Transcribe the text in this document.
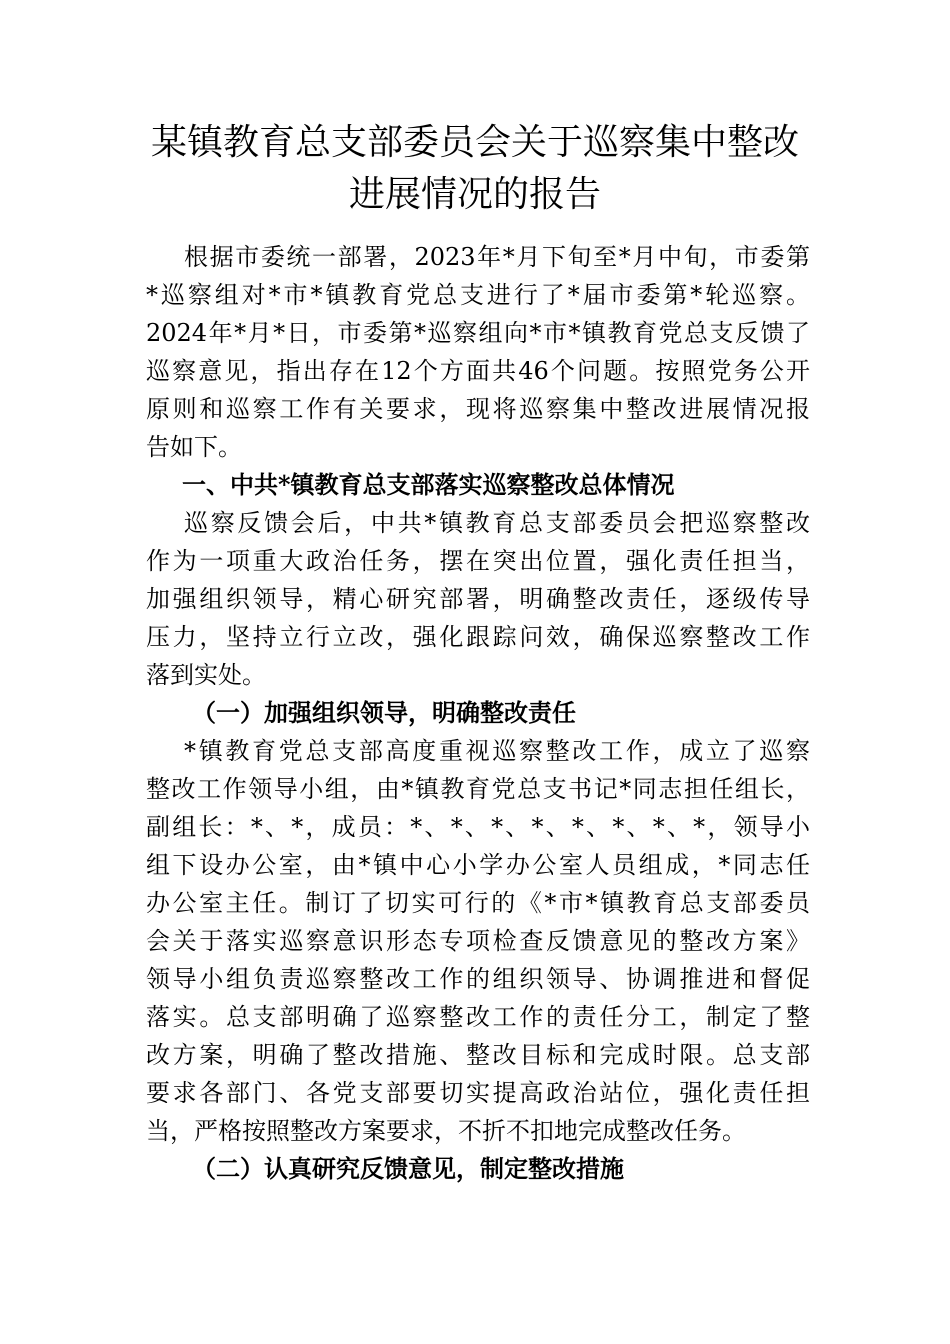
某镇教育总支部委员会关于巡察集中整改
进展情况的报告
根据市委统一部署，2023年*月下旬至*月中旬，市委第
*巡察组对*市*镇教育党总支进行了*届市委第*轮巡察。
2024年*月*日，市委第*巡察组向*市*镇教育党总支反馈了
巡察意见，指出存在12个方面共46个问题。按照党务公开
原则和巡察工作有关要求，现将巡察集中整改进展情况报
告如下。
一、中共*镇教育总支部落实巡察整改总体情况
巡察反馈会后，中共*镇教育总支部委员会把巡察整改
作为一项重大政治任务，摆在突出位置，强化责任担当，
加强组织领导，精心研究部署，明确整改责任，逐级传导
压力，坚持立行立改，强化跟踪问效，确保巡察整改工作
落到实处。
（一）加强组织领导，明确整改责任
*镇教育党总支部高度重视巡察整改工作，成立了巡察
整改工作领导小组，由*镇教育党总支书记*同志担任组长，
副组长：*、*，成员：*、*、*、*、*、*、*、*，领导小
组下设办公室，由*镇中心小学办公室人员组成，*同志任
办公室主任。制订了切实可行的《*市*镇教育总支部委员
会关于落实巡察意识形态专项检查反馈意见的整改方案》
领导小组负责巡察整改工作的组织领导、协调推进和督促
落实。总支部明确了巡察整改工作的责任分工，制定了整
改方案，明确了整改措施、整改目标和完成时限。总支部
要求各部门、各党支部要切实提高政治站位，强化责任担
当，严格按照整改方案要求，不折不扣地完成整改任务。
（二）认真研究反馈意见，制定整改措施
